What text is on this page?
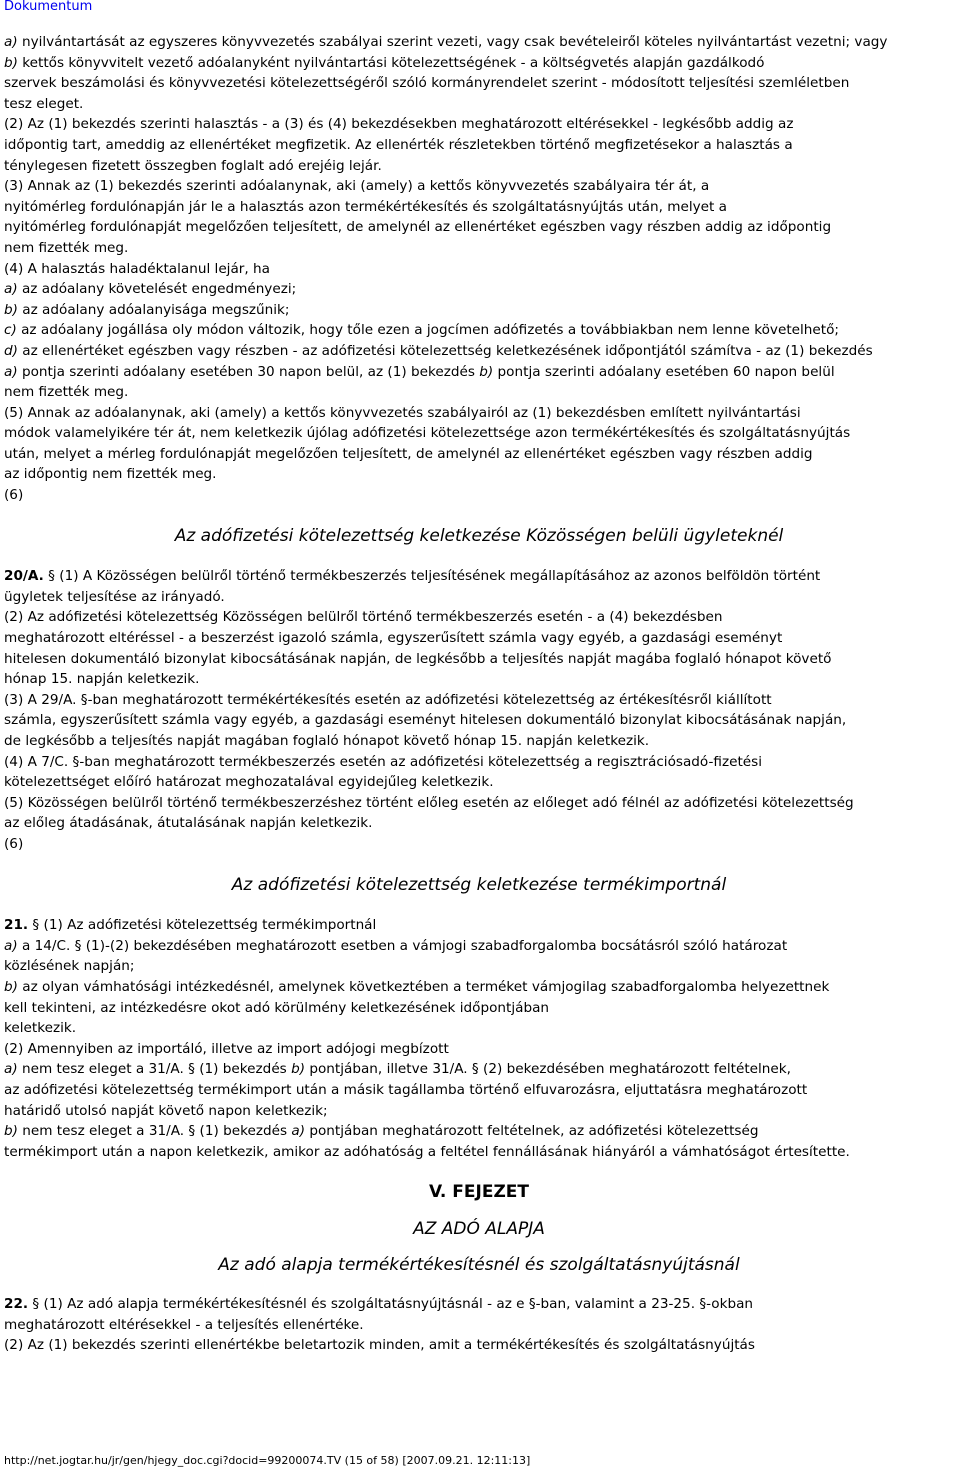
Dokumentum

a) nyilvántartását az egyszeres könyvvezetés szabályai szerint vezeti, vagy csak bevételeiről köteles nyilvántartást vezetni; vagy

b) kettős könyvvitelt vezető adóalanyként nyilvántartási kötelezettségének - a költségvetés alapján gazdálkodó

szervek beszámolási és könyvvezetési kötelezettségéről szóló kormányrendelet szerint - módosított teljesítési szemléletben

tesz eleget.

(2) Az (1) bekezdés szerinti halasztás - a (3) és (4) bekezdésekben meghatározott eltérésekkel - legkésőbb addig az

időpontig tart, ameddig az ellenértéket megfizetik. Az ellenérték részletekben történő megfizetésekor a halasztás a

ténylegesen fizetett összegben foglalt adó erejéig lejár.

(3) Annak az (1) bekezdés szerinti adóalanynak, aki (amely) a kettős könyvvezetés szabályaira tér át, a

nyitómérleg fordulónapján jár le a halasztás azon termékértékesítés és szolgáltatásnyújtás után, melyet a

nyitómérleg fordulónapját megelőzően teljesített, de amelynél az ellenértéket egészben vagy részben addig az időpontig

nem fizették meg.

(4) A halasztás haladéktalanul lejár, ha

a) az adóalany követelését engedményezi;

b) az adóalany adóalanyisága megszűnik;

c) az adóalany jogállása oly módon változik, hogy tőle ezen a jogcímen adófizetés a továbbiakban nem lenne követelhető;

d) az ellenértéket egészben vagy részben - az adófizetési kötelezettség keletkezésének időpontjától számítva - az (1) bekezdés

a) pontja szerinti adóalany esetében 30 napon belül, az (1) bekezdés b) pontja szerinti adóalany esetében 60 napon belül

nem fizették meg.

(5) Annak az adóalanynak, aki (amely) a kettős könyvvezetés szabályairól az (1) bekezdésben említett nyilvántartási

módok valamelyikére tér át, nem keletkezik újólag adófizetési kötelezettsége azon termékértékesítés és szolgáltatásnyújtás

után, melyet a mérleg fordulónapját megelőzően teljesített, de amelynél az ellenértéket egészben vagy részben addig

az időpontig nem fizették meg.

(6)

Az adófizetési kötelezettség keletkezése Közösségen belüli ügyleteknél

20/A. § (1) A Közösségen belülről történő termékbeszerzés teljesítésének megállapításához az azonos belföldön történt

ügyletek teljesítése az irányadó.

(2) Az adófizetési kötelezettség Közösségen belülről történő termékbeszerzés esetén - a (4) bekezdésben

meghatározott eltéréssel - a beszerzést igazoló számla, egyszerűsített számla vagy egyéb, a gazdasági eseményt

hitelesen dokumentáló bizonylat kibocsátásának napján, de legkésőbb a teljesítés napját magába foglaló hónapot követő

hónap 15. napján keletkezik.

(3) A 29/A. §-ban meghatározott termékértékesítés esetén az adófizetési kötelezettség az értékesítésről kiállított

számla, egyszerűsített számla vagy egyéb, a gazdasági eseményt hitelesen dokumentáló bizonylat kibocsátásának napján,

de legkésőbb a teljesítés napját magában foglaló hónapot követő hónap 15. napján keletkezik.

(4) A 7/C. §-ban meghatározott termékbeszerzés esetén az adófizetési kötelezettség a regisztrációsadó-fizetési

kötelezettséget előíró határozat meghozatalával egyidejűleg keletkezik.

(5) Közösségen belülről történő termékbeszerzéshez történt előleg esetén az előleget adó félnél az adófizetési kötelezettség

az előleg átadásának, átutalásának napján keletkezik.

(6)

Az adófizetési kötelezettség keletkezése termékimportnál

21. § (1) Az adófizetési kötelezettség termékimportnál

a) a 14/C. § (1)-(2) bekezdésében meghatározott esetben a vámjogi szabadforgalomba bocsátásról szóló határozat

közlésének napján;

b) az olyan vámhatósági intézkedésnél, amelynek következtében a terméket vámjogilag szabadforgalomba helyezettnek

kell tekinteni, az intézkedésre okot adó körülmény keletkezésének időpontjában

keletkezik.

(2) Amennyiben az importáló, illetve az import adójogi megbízott

a) nem tesz eleget a 31/A. § (1) bekezdés b) pontjában, illetve 31/A. § (2) bekezdésében meghatározott feltételnek,

az adófizetési kötelezettség termékimport után a másik tagállamba történő elfuvarozásra, eljuttatásra meghatározott

határidő utolsó napját követő napon keletkezik;

b) nem tesz eleget a 31/A. § (1) bekezdés a) pontjában meghatározott feltételnek, az adófizetési kötelezettség

termékimport után a napon keletkezik, amikor az adóhatóság a feltétel fennállásának hiányáról a vámhatóságot értesítette.

V. FEJEZET

AZ ADÓ ALAPJA

Az adó alapja termékértékesítésnél és szolgáltatásnyújtásnál

22. § (1) Az adó alapja termékértékesítésnél és szolgáltatásnyújtásnál - az e §-ban, valamint a 23-25. §-okban

meghatározott eltérésekkel - a teljesítés ellenértéke.

(2) Az (1) bekezdés szerinti ellenértékbe beletartozik minden, amit a termékértékesítés és szolgáltatásnyújtás

http://net.jogtar.hu/jr/gen/hjegy_doc.cgi?docid=99200074.TV (15 of 58) [2007.09.21. 12:11:13]
